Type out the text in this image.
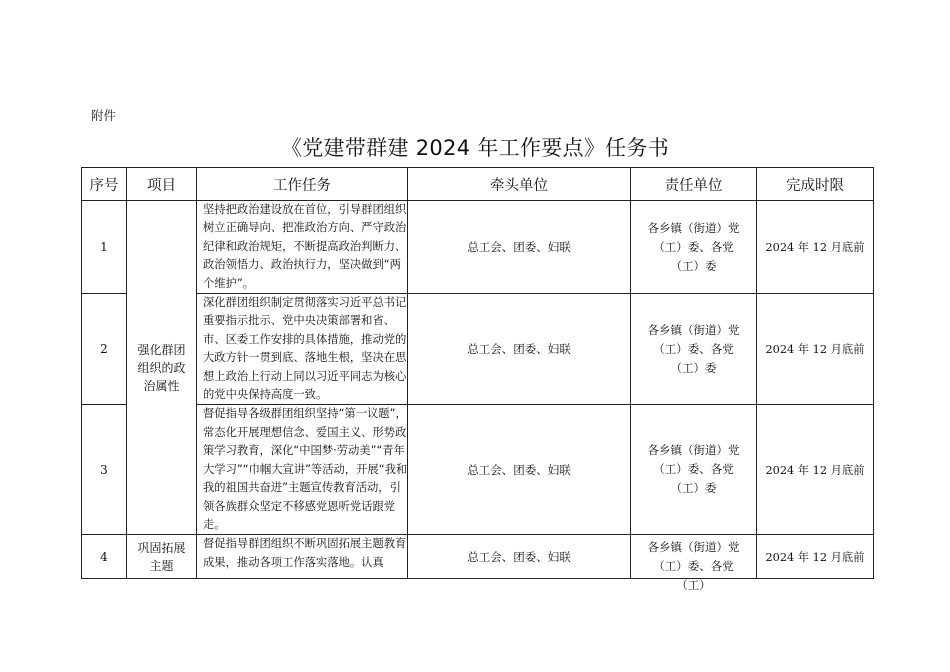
附件
《党建带群建 2024 年工作要点》任务书
序号	项目	工作任务	牵头单位	责任单位	完成时限
1	强化群团组织的政治属性	坚持把政治建设放在首位，引导群团组织树立正确导向、把准政治方向、严守政治纪律和政治规矩，不断提高政治判断力、政治领悟力、政治执行力，坚决做到“两个维护”。	总工会、团委、妇联	各乡镇（街道）党（工）委、各党（工）委	2024 年 12 月底前
2		深化群团组织制定贯彻落实习近平总书记重要指示批示、党中央决策部署和省、市、区委工作安排的具体措施，推动党的大政方针一贯到底、落地生根，坚决在思想上政治上行动上同以习近平同志为核心的党中央保持高度一致。	总工会、团委、妇联	各乡镇（街道）党（工）委、各党（工）委	2024 年 12 月底前
3		督促指导各级群团组织坚持“第一议题”，常态化开展理想信念、爱国主义、形势政策学习教育，深化“中国梦·劳动美”“青年大学习”“巾帼大宣讲”等活动，开展“我和我的祖国共奋进”主题宣传教育活动，引领各族群众坚定不移感党恩听党话跟党走。	总工会、团委、妇联	各乡镇（街道）党（工）委、各党（工）委	2024 年 12 月底前
4	巩固拓展主题	督促指导群团组织不断巩固拓展主题教育成果，推动各项工作落实落地。认真	总工会、团委、妇联	各乡镇（街道）党（工）委、各党（工）	2024 年 12 月底前
